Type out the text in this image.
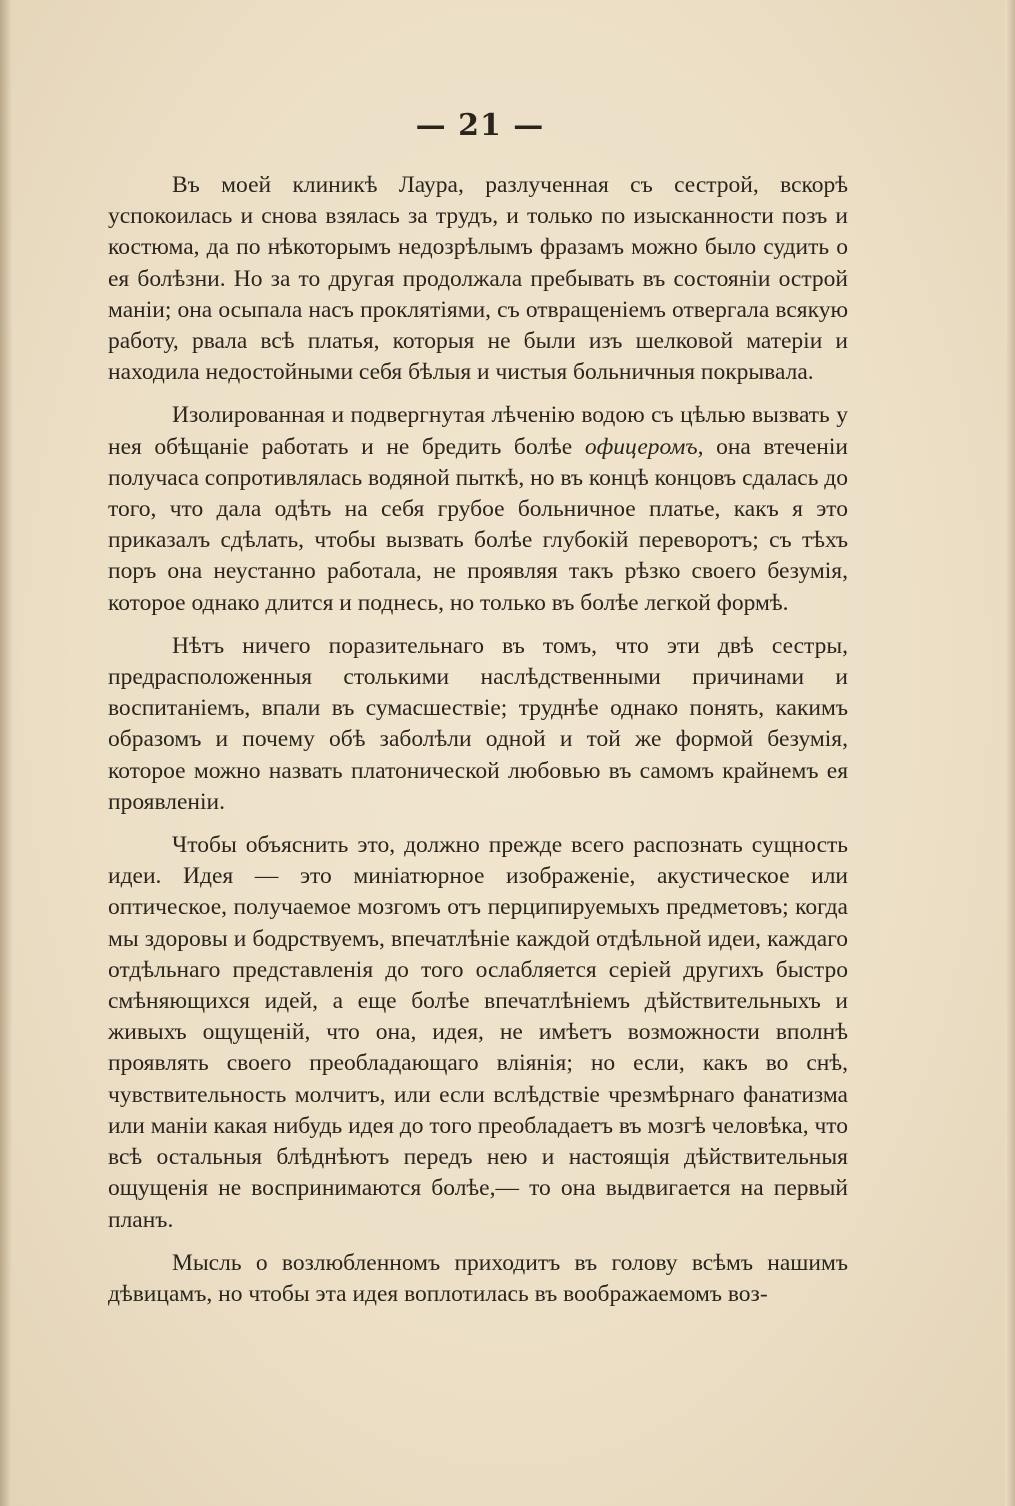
— 21 —

Въ моей клиникѣ Лаура, разлученная съ сестрой, вскорѣ успокоилась и снова взялась за трудъ, и только по изысканности позъ и костюма, да по нѣкоторымъ недозрѣлымъ фразамъ можно было судить о ея болѣзни. Но за то другая продолжала пребывать въ состоянiи острой манiи; она осыпала насъ проклятiями, съ отвращенiемъ отвергала всякую работу, рвала всѣ платья, которыя не были изъ шелковой матерiи и находила недостойными себя бѣлыя и чистыя больничныя покрывала.

Изолированная и подвергнутая лѣченiю водою съ цѣлью вызвать у нея обѣщанiе работать и не бредить болѣе офицеромъ, она втеченiи получаса сопротивлялась водяной пыткѣ, но въ концѣ концовъ сдалась до того, что дала одѣть на себя грубое больничное платье, какъ я это приказалъ сдѣлать, чтобы вызвать болѣе глубокiй переворотъ; съ тѣхъ поръ она неустанно работала, не проявляя такъ рѣзко своего безумiя, которое однако длится и поднесь, но только въ болѣе легкой формѣ.

Нѣтъ ничего поразительнаго въ томъ, что эти двѣ сестры, предрасположенныя столькими наслѣдственными причинами и воспитанiемъ, впали въ сумасшествiе; труднѣе однако понять, какимъ образомъ и почему обѣ заболѣли одной и той же формой безумiя, которое можно назвать платонической любовью въ самомъ крайнемъ ея проявленiи.

Чтобы объяснить это, должно прежде всего распознать сущность идеи. Идея — это миніатюрное изображенiе, акустическое или оптическое, получаемое мозгомъ отъ перципируемыхъ предметовъ; когда мы здоровы и бодрствуемъ, впечатлѣнiе каждой отдѣльной идеи, каждаго отдѣльнаго представленiя до того ослабляется серiей другихъ быстро смѣняющихся идей, а еще болѣе впечатлѣнiемъ дѣйствительныхъ и живыхъ ощущенiй, что она, идея, не имѣетъ возможности вполнѣ проявлять своего преобладающаго влiянiя; но если, какъ во снѣ, чувствительность молчитъ, или если вслѣдствiе чрезмѣрнаго фанатизма или манiи какая нибудь идея до того преобладаетъ въ мозгѣ человѣка, что всѣ остальныя блѣднѣютъ передъ нею и настоящiя дѣйствительныя ощущенiя не воспринимаются болѣе,— то она выдвигается на первый планъ.

Мысль о возлюбленномъ приходитъ въ голову всѣмъ нашимъ дѣвицамъ, но чтобы эта идея воплотилась въ воображаемомъ воз-
